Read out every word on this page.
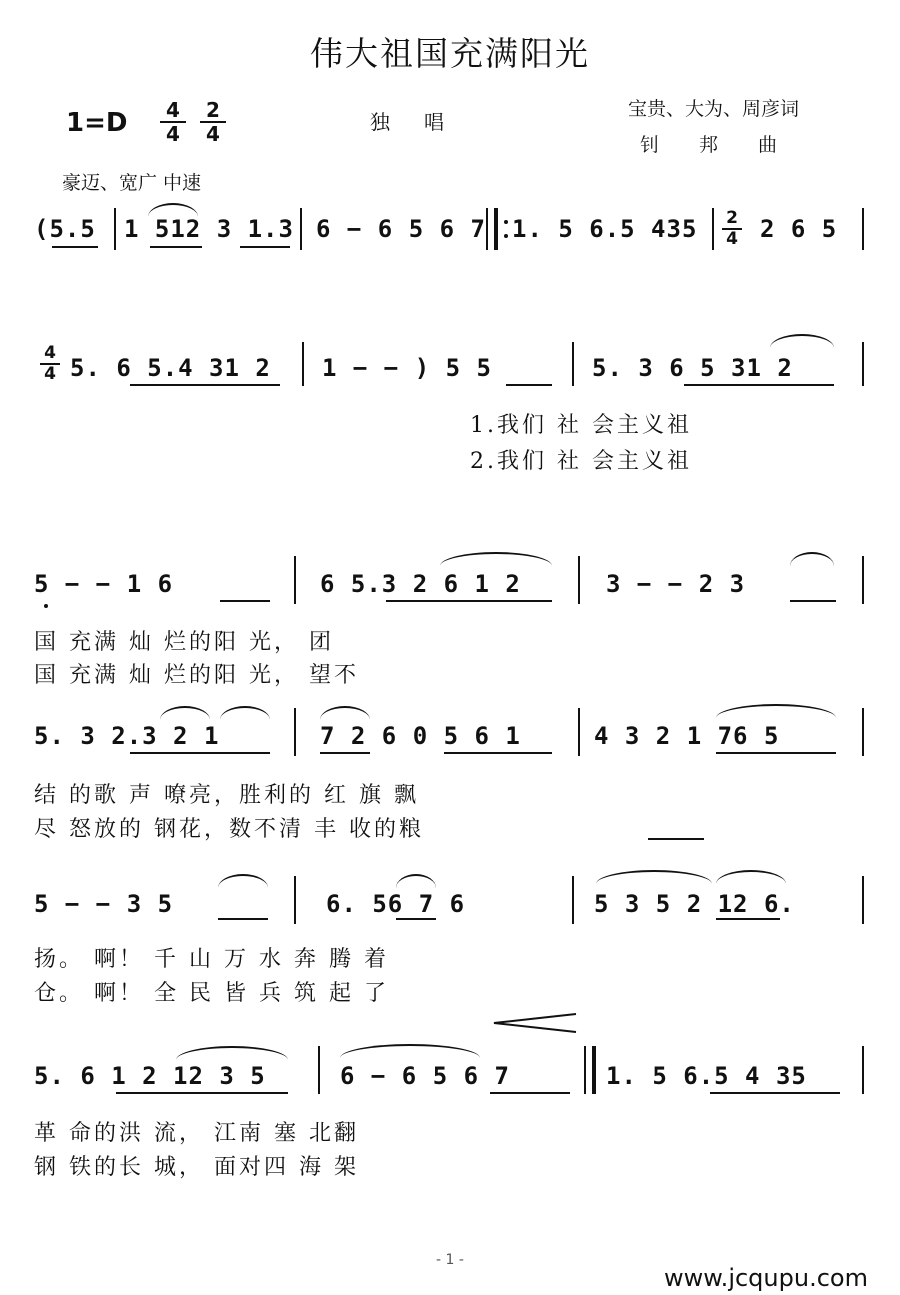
伟大祖国充满阳光
1=D	4
4
2
4	独唱
宝贵、大为、周彦词
钊邦曲
豪迈、宽广 中速
(5.5 1 512 3 1.3 6 − 6 5 6 7 1. 5 6.5 435 2
4 2 6 5
4
4 5. 6 5.4 31 2 1 − − ) 5 5	5. 3 6 5 31 2
1.我们 社 会主义祖
2.我们 社 会主义祖
5 − − 1 6	6 5.3 2 6 1 2	3 − − 2 3
国 充满 灿 烂的阳 光， 团
国 充满 灿 烂的阳 光， 望不
5. 3 2.3 2 1	7 2 6 0 5 6 1	4 3 2 1 76 5
结 的歌 声 嘹亮，胜利的 红 旗 飘
尽 怒放的 钢花，数不清 丰 收的粮
5 − − 3 5	6. 56 7 6	5 3 5 2 12 6.
扬。 啊！ 千 山 万 水 奔 腾 着
仓。 啊！ 全 民 皆 兵 筑 起 了
5. 6 1 2 12 3 5	6 − 6 5 6 7	1. 5 6.5 4 35
革 命的洪 流， 江南 塞 北翻
钢 铁的长 城， 面对四 海 架
- 1 -
www.jcqupu.com
